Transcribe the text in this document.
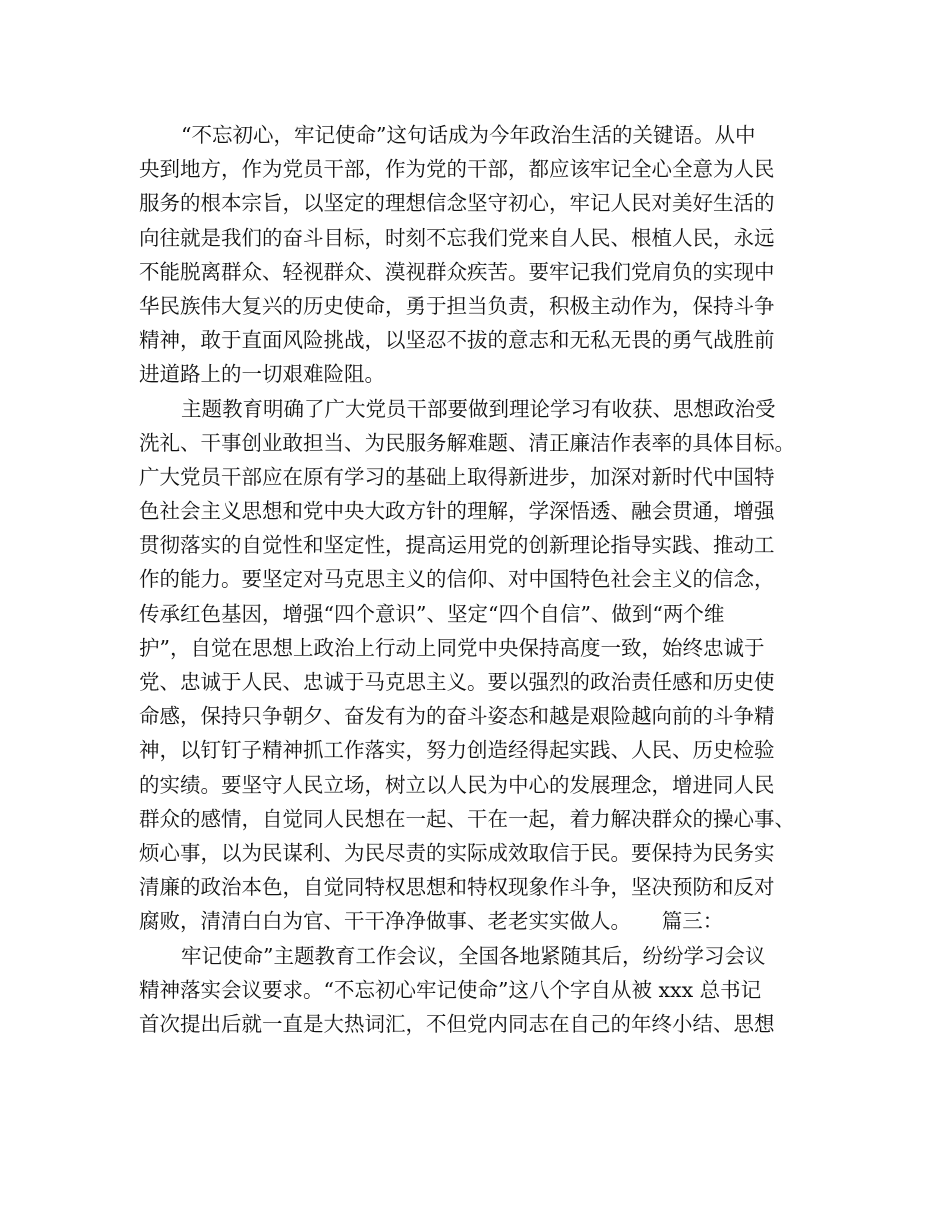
“不忘初心，牢记使命”这句话成为今年政治生活的关键语。从中
央到地方，作为党员干部，作为党的干部，都应该牢记全心全意为人民
服务的根本宗旨，以坚定的理想信念坚守初心，牢记人民对美好生活的
向往就是我们的奋斗目标，时刻不忘我们党来自人民、根植人民，永远
不能脱离群众、轻视群众、漠视群众疾苦。要牢记我们党肩负的实现中
华民族伟大复兴的历史使命，勇于担当负责，积极主动作为，保持斗争
精神，敢于直面风险挑战，以坚忍不拔的意志和无私无畏的勇气战胜前
进道路上的一切艰难险阻。
主题教育明确了广大党员干部要做到理论学习有收获、思想政治受
洗礼、干事创业敢担当、为民服务解难题、清正廉洁作表率的具体目标。
广大党员干部应在原有学习的基础上取得新进步，加深对新时代中国特
色社会主义思想和党中央大政方针的理解，学深悟透、融会贯通，增强
贯彻落实的自觉性和坚定性，提高运用党的创新理论指导实践、推动工
作的能力。要坚定对马克思主义的信仰、对中国特色社会主义的信念，
传承红色基因，增强“四个意识”、坚定“四个自信”、做到“两个维
护”，自觉在思想上政治上行动上同党中央保持高度一致，始终忠诚于
党、忠诚于人民、忠诚于马克思主义。要以强烈的政治责任感和历史使
命感，保持只争朝夕、奋发有为的奋斗姿态和越是艰险越向前的斗争精
神，以钉钉子精神抓工作落实，努力创造经得起实践、人民、历史检验
的实绩。要坚守人民立场，树立以人民为中心的发展理念，增进同人民
群众的感情，自觉同人民想在一起、干在一起，着力解决群众的操心事、
烦心事，以为民谋利、为民尽责的实际成效取信于民。要保持为民务实
清廉的政治本色，自觉同特权思想和特权现象作斗争，坚决预防和反对
腐败，清清白白为官、干干净净做事、老老实实做人。　　篇三：
牢记使命”主题教育工作会议，全国各地紧随其后，纷纷学习会议
精神落实会议要求。“不忘初心牢记使命”这八个字自从被 xxx 总书记
首次提出后就一直是大热词汇，不但党内同志在自己的年终小结、思想
